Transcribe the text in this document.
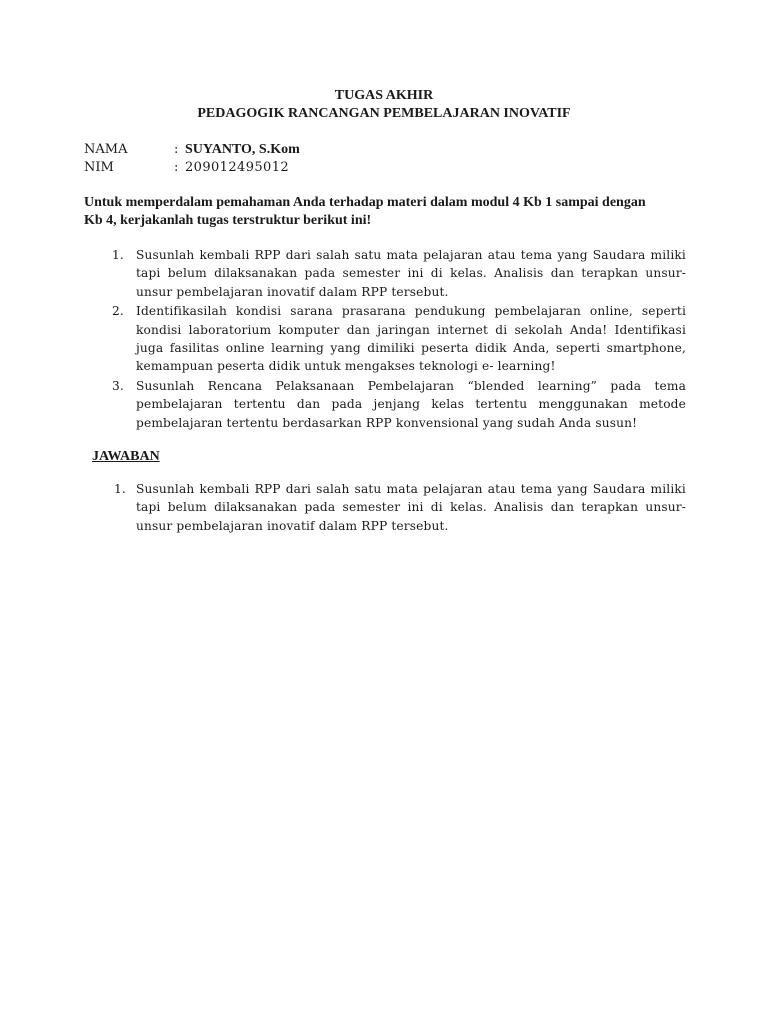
TUGAS AKHIR
PEDAGOGIK RANCANGAN PEMBELAJARAN INOVATIF
NAMA	: SUYANTO, S.Kom
NIM	: 209012495012
Untuk memperdalam pemahaman Anda terhadap materi dalam modul 4 Kb 1 sampai dengan Kb 4, kerjakanlah tugas terstruktur berikut ini!
1. Susunlah kembali RPP dari salah satu mata pelajaran atau tema yang Saudara miliki tapi belum dilaksanakan pada semester ini di kelas. Analisis dan terapkan unsur-unsur pembelajaran inovatif dalam RPP tersebut.
2. Identifikasilah kondisi sarana prasarana pendukung pembelajaran online, seperti kondisi laboratorium komputer dan jaringan internet di sekolah Anda! Identifikasi juga fasilitas online learning yang dimiliki peserta didik Anda, seperti smartphone, kemampuan peserta didik untuk mengakses teknologi e- learning!
3. Susunlah Rencana Pelaksanaan Pembelajaran “blended learning” pada tema pembelajaran tertentu dan pada jenjang kelas tertentu menggunakan metode pembelajaran tertentu berdasarkan RPP konvensional yang sudah Anda susun!
JAWABAN
1. Susunlah kembali RPP dari salah satu mata pelajaran atau tema yang Saudara miliki tapi belum dilaksanakan pada semester ini di kelas. Analisis dan terapkan unsur-unsur pembelajaran inovatif dalam RPP tersebut.
